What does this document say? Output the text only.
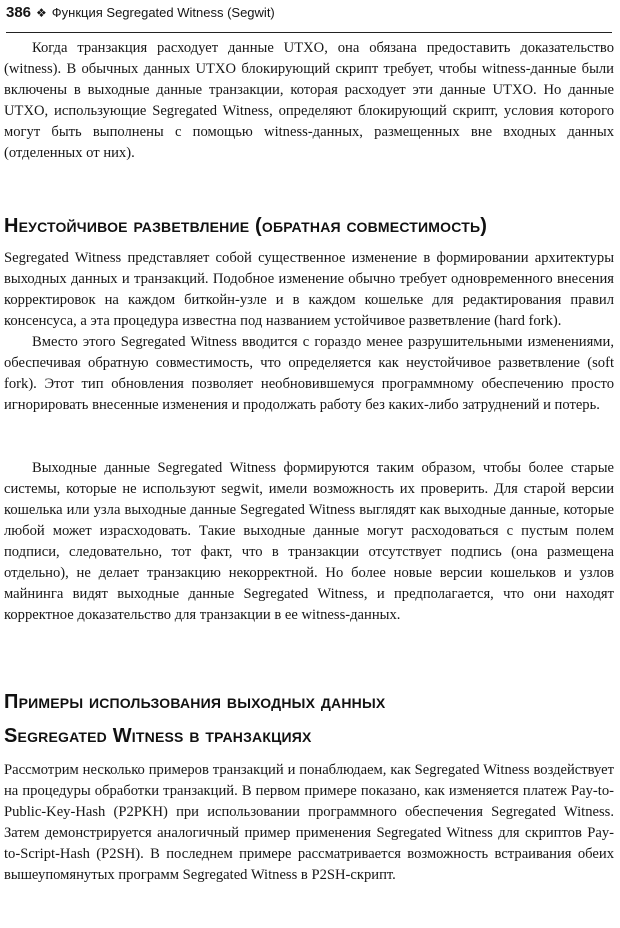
386 ❖ Функция Segregated Witness (Segwit)

Когда транзакция расходует данные UTXO, она обязана предоставить доказательство (witness). В обычных данных UTXO блокирующий скрипт требует, чтобы witness-данные были включены в выходные данные транзакции, которая расходует эти данные UTXO. Но данные UTXO, использующие Segregated Witness, определяют блокирующий скрипт, условия которого могут быть выполнены с помощью witness-данных, размещенных вне входных данных (отделенных от них).

Неустойчивое разветвление (обратная совместимость)

Segregated Witness представляет собой существенное изменение в формировании архитектуры выходных данных и транзакций. Подобное изменение обычно требует одновременного внесения корректировок на каждом биткойн-узле и в каждом кошельке для редактирования правил консенсуса, а эта процедура известна под названием устойчивое разветвление (hard fork).

Вместо этого Segregated Witness вводится с гораздо менее разрушительными изменениями, обеспечивая обратную совместимость, что определяется как неустойчивое разветвление (soft fork). Этот тип обновления позволяет необновившемуся программному обеспечению просто игнорировать внесенные изменения и продолжать работу без каких-либо затруднений и потерь.

Выходные данные Segregated Witness формируются таким образом, чтобы более старые системы, которые не используют segwit, имели возможность их проверить. Для старой версии кошелька или узла выходные данные Segregated Witness выглядят как выходные данные, которые любой может израсходовать. Такие выходные данные могут расходоваться с пустым полем подписи, следовательно, тот факт, что в транзакции отсутствует подпись (она размещена отдельно), не делает транзакцию некорректной. Но более новые версии кошельков и узлов майнинга видят выходные данные Segregated Witness, и предполагается, что они находят корректное доказательство для транзакции в ее witness-данных.

Примеры использования выходных данных
Segregated Witness в транзакциях

Рассмотрим несколько примеров транзакций и понаблюдаем, как Segregated Witness воздействует на процедуры обработки транзакций. В первом примере показано, как изменяется платеж Pay-to-Public-Key-Hash (P2PKH) при использовании программного обеспечения Segregated Witness. Затем демонстрируется аналогичный пример применения Segregated Witness для скриптов Pay-to-Script-Hash (P2SH). В последнем примере рассматривается возможность встраивания обеих вышеупомянутых программ Segregated Witness в P2SH-скрипт.
